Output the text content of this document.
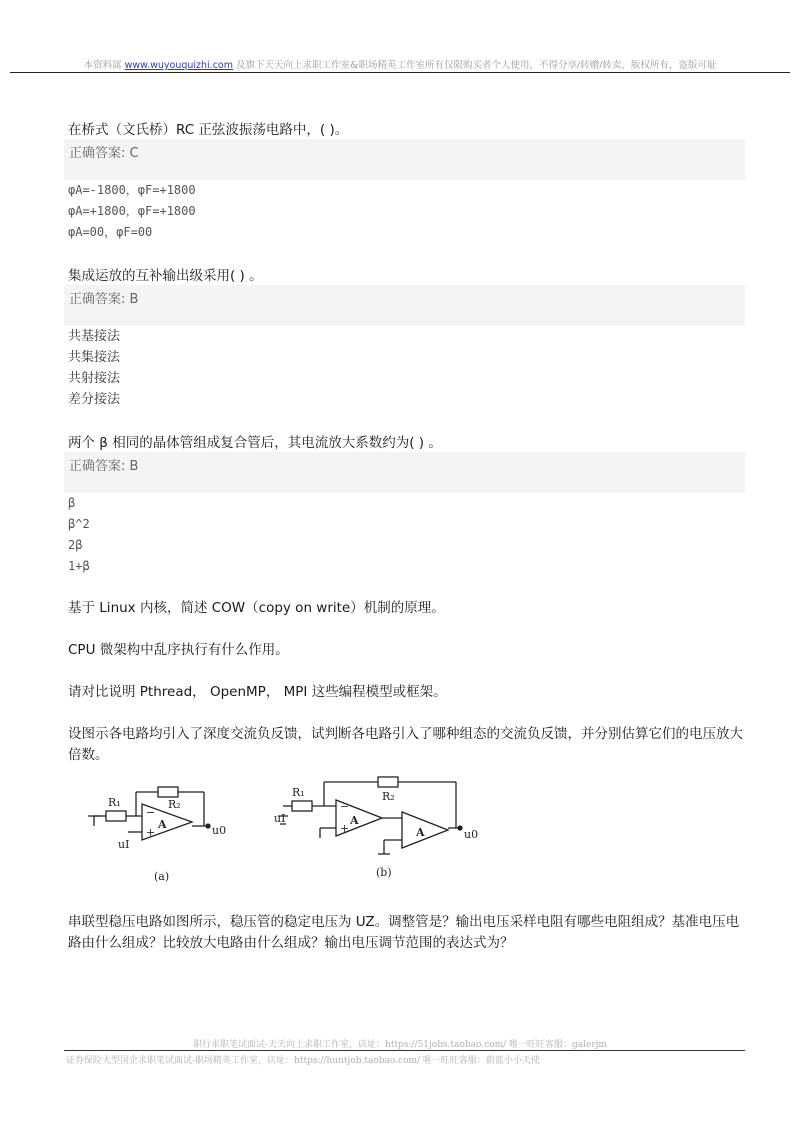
本资料属 www.wuyouquizhi.com 及旗下天天向上求职工作室&职场精英工作室所有仅限购买者个人使用，不得分享/转赠/转卖，版权所有，盗版可耻
在桥式（文氏桥）RC 正弦波振荡电路中，( )。
正确答案: C
φA=-1800，φF=+1800
φA=+1800，φF=+1800
φA=00，φF=00
集成运放的互补输出级采用( ) 。
正确答案: B
共基接法
共集接法
共射接法
差分接法
两个 β 相同的晶体管组成复合管后，其电流放大系数约为( ) 。
正确答案: B
β
β^2
2β
1+β
基于 Linux 内核，简述 COW（copy on write）机制的原理。
CPU 微架构中乱序执行有什么作用。
请对比说明 Pthread， OpenMP， MPI 这些编程模型或框架。
设图示各电路均引入了深度交流负反馈，试判断各电路引入了哪种组态的交流负反馈，并分别估算它们的电压放大倍数。
R₁	R₂
A
−
+
uI
u0
(a)
R₁	R₂
A
−
+	A
uI
u0
(b)
串联型稳压电路如图所示，稳压管的稳定电压为 UZ。调整管是？输出电压采样电阻有哪些电阻组成？基准电压电路由什么组成？比较放大电路由什么组成？输出电压调节范围的表达式为？
职行求职笔试面试-天天向上求职工作室，店址：https://51jobs.taobao.com/ 唯一旺旺客服：galerjm
证券保险大型国企求职笔试面试-职场精英工作室，店址：https://huntjob.taobao.com/ 唯一旺旺客服：蔚蓝小小天使
